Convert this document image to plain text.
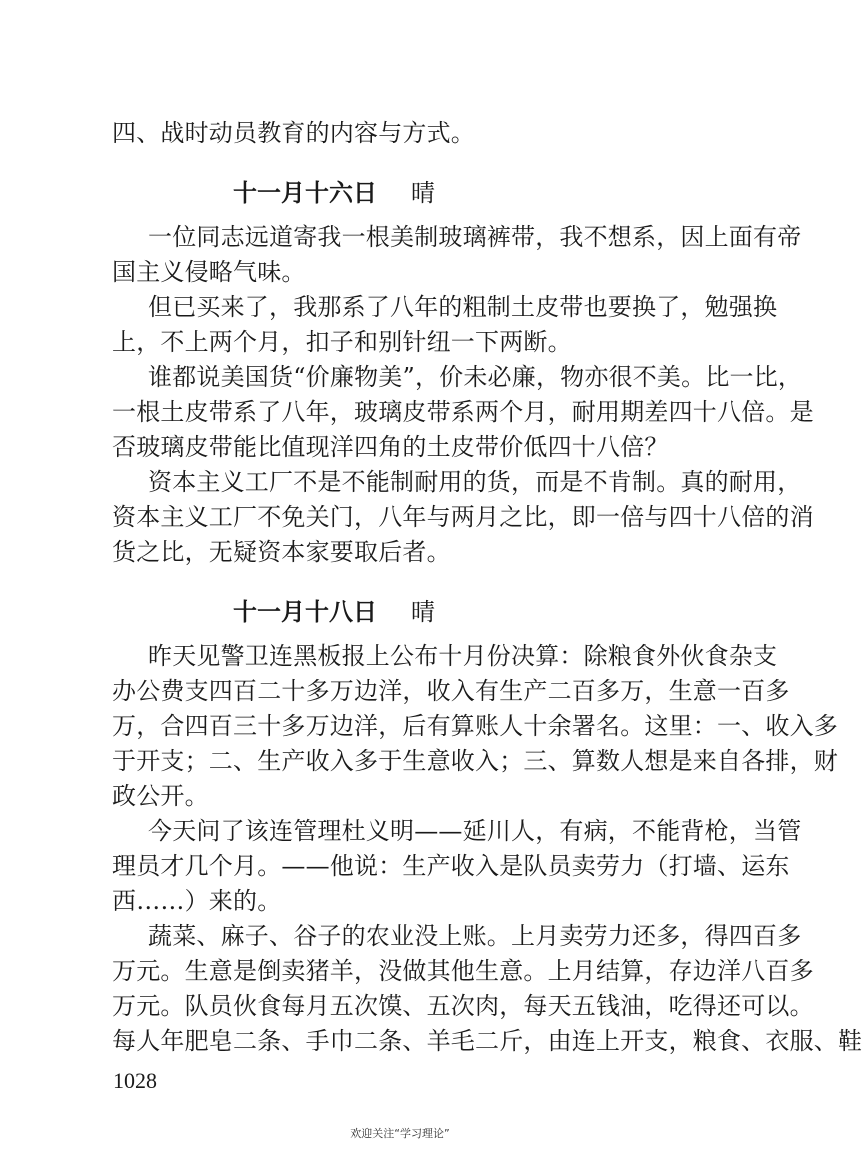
四、战时动员教育的内容与方式。
十一月十六日 晴
一位同志远道寄我一根美制玻璃裤带，我不想系，因上面有帝
国主义侵略气味。
但已买来了，我那系了八年的粗制土皮带也要换了，勉强换
上，不上两个月，扣子和别针纽一下两断。
谁都说美国货“价廉物美”，价未必廉，物亦很不美。比一比，
一根土皮带系了八年，玻璃皮带系两个月，耐用期差四十八倍。是
否玻璃皮带能比值现洋四角的土皮带价低四十八倍？
资本主义工厂不是不能制耐用的货，而是不肯制。真的耐用，
资本主义工厂不免关门，八年与两月之比，即一倍与四十八倍的消
货之比，无疑资本家要取后者。
十一月十八日 晴
昨天见警卫连黑板报上公布十月份决算：除粮食外伙食杂支
办公费支四百二十多万边洋，收入有生产二百多万，生意一百多
万，合四百三十多万边洋，后有算账人十余署名。这里：一、收入多
于开支；二、生产收入多于生意收入；三、算数人想是来自各排，财
政公开。
今天问了该连管理杜义明——延川人，有病，不能背枪，当管
理员才几个月。——他说：生产收入是队员卖劳力（打墙、运东
西……）来的。
蔬菜、麻子、谷子的农业没上账。上月卖劳力还多，得四百多
万元。生意是倒卖猪羊，没做其他生意。上月结算，存边洋八百多
万元。队员伙食每月五次馍、五次肉，每天五钱油，吃得还可以。
每人年肥皂二条、手巾二条、羊毛二斤，由连上开支，粮食、衣服、鞋
1028
欢迎关注“学习理论”
